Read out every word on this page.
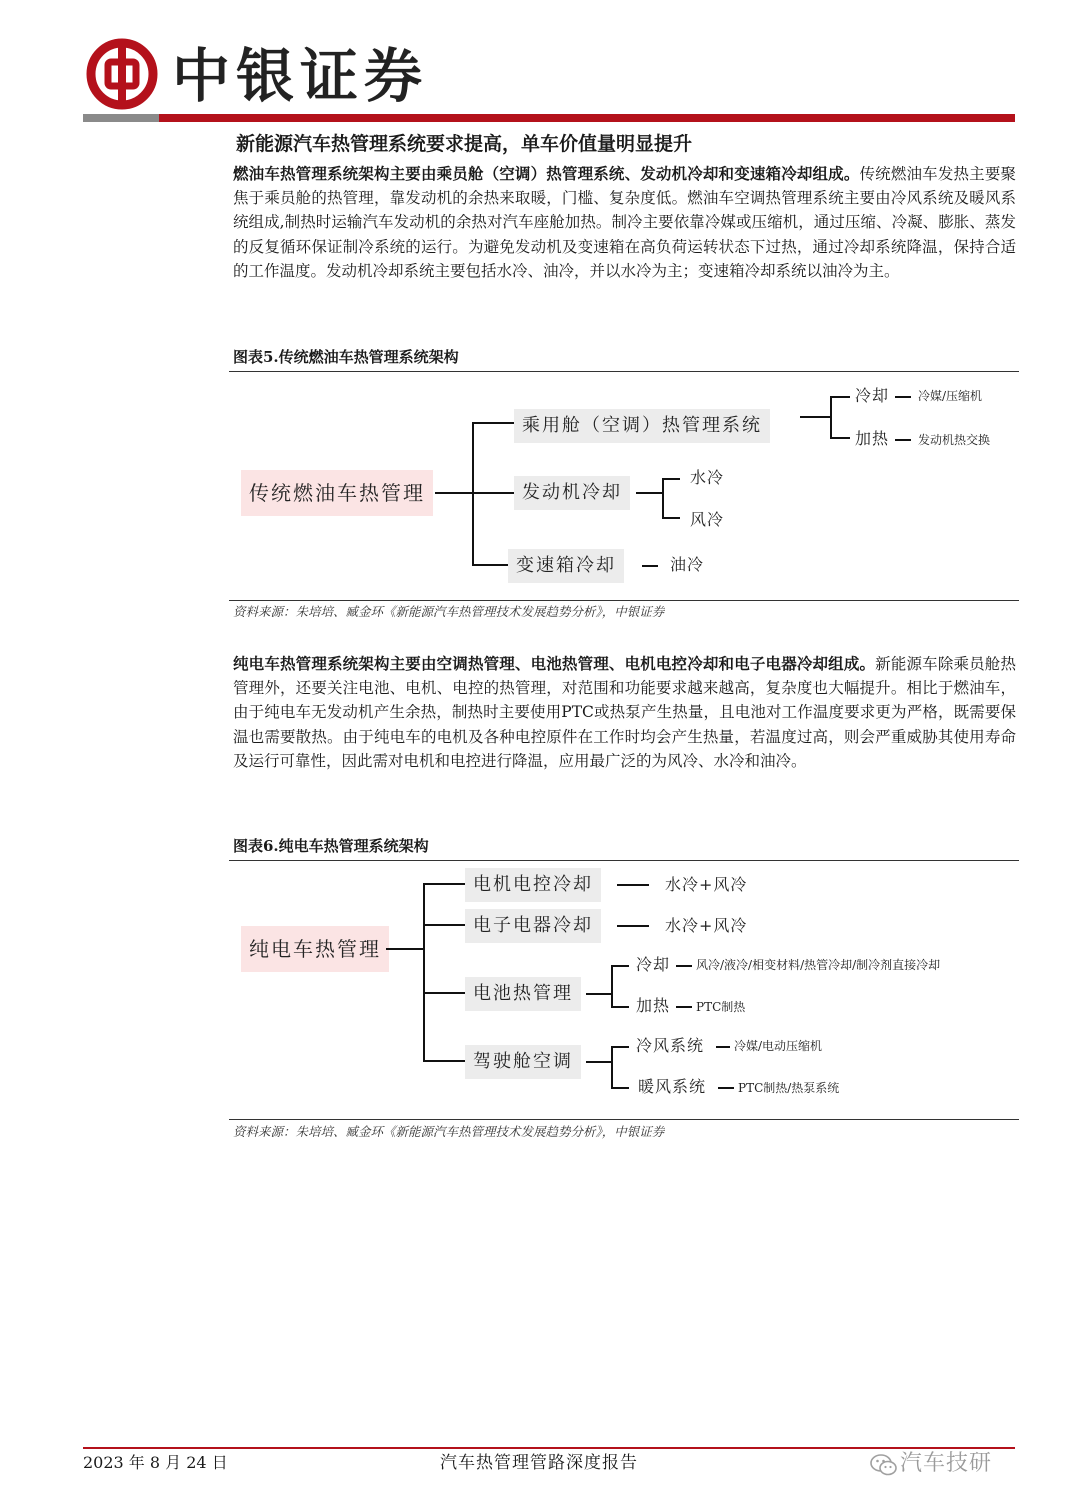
中银证券
新能源汽车热管理系统要求提高，单车价值量明显提升

燃油车热管理系统架构主要由乘员舱（空调）热管理系统、发动机冷却和变速箱冷却组成。传统燃油车发热主要聚焦于乘员舱的热管理，靠发动机的余热来取暖，门槛、复杂度低。燃油车空调热管理系统主要由冷风系统及暖风系统组成,制热时运输汽车发动机的余热对汽车座舱加热。制冷主要依靠冷媒或压缩机，通过压缩、冷凝、膨胀、蒸发的反复循环保证制冷系统的运行。为避免发动机及变速箱在高负荷运转状态下过热，通过冷却系统降温，保持合适的工作温度。发动机冷却系统主要包括水冷、油冷，并以水冷为主；变速箱冷却系统以油冷为主。

图表5.传统燃油车热管理系统架构
传统燃油车热管理
乘用舱（空调）热管理系统
冷却 冷媒/压缩机
加热 发动机热交换
发动机冷却
水冷
风冷
变速箱冷却	油冷
资料来源：朱培培、臧金环《新能源汽车热管理技术发展趋势分析》，中银证券

纯电车热管理系统架构主要由空调热管理、电池热管理、电机电控冷却和电子电器冷却组成。新能源车除乘员舱热管理外，还要关注电池、电机、电控的热管理，对范围和功能要求越来越高，复杂度也大幅提升。相比于燃油车，由于纯电车无发动机产生余热，制热时主要使用PTC或热泵产生热量，且电池对工作温度要求更为严格，既需要保温也需要散热。由于纯电车的电机及各种电控原件在工作时均会产生热量，若温度过高，则会严重威胁其使用寿命及运行可靠性，因此需对电机和电控进行降温，应用最广泛的为风冷、水冷和油冷。

图表6.纯电车热管理系统架构
纯电车热管理
电机电控冷却	水冷+风冷
电子电器冷却	水冷+风冷
电池热管理
冷却 风冷/液冷/相变材料/热管冷却/制冷剂直接冷却
加热 PTC制热
驾驶舱空调
冷风系统 冷媒/电动压缩机
暖风系统	PTC制热/热泵系统
资料来源：朱培培、臧金环《新能源汽车热管理技术发展趋势分析》，中银证券
2023 年 8 月 24 日	汽车热管理管路深度报告	汽车技研
